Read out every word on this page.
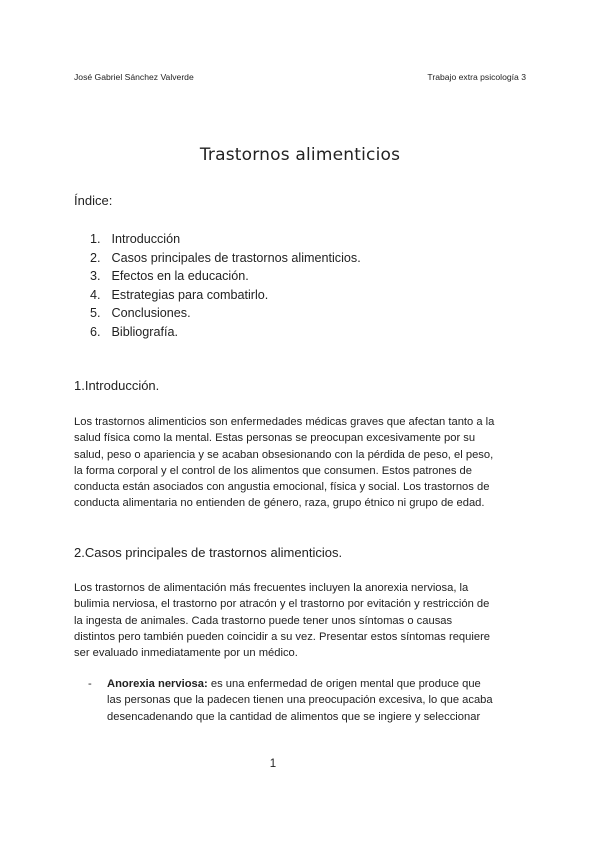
José Gabriel Sánchez Valverde	Trabajo extra psicología 3
Trastornos alimenticios
Índice:
1. Introducción
2. Casos principales de trastornos alimenticios.
3. Efectos en la educación.
4. Estrategias para combatirlo.
5. Conclusiones.
6. Bibliografía.
1.Introducción.

Los trastornos alimenticios son enfermedades médicas graves que afectan tanto a la
salud física como la mental. Estas personas se preocupan excesivamente por su
salud, peso o apariencia y se acaban obsesionando con la pérdida de peso, el peso,
la forma corporal y el control de los alimentos que consumen. Estos patrones de
conducta están asociados con angustia emocional, física y social. Los trastornos de
conducta alimentaria no entienden de género, raza, grupo étnico ni grupo de edad.

2.Casos principales de trastornos alimenticios.

Los trastornos de alimentación más frecuentes incluyen la anorexia nerviosa, la
bulimia nerviosa, el trastorno por atracón y el trastorno por evitación y restricción de
la ingesta de animales. Cada trastorno puede tener unos síntomas o causas
distintos pero también pueden coincidir a su vez. Presentar estos síntomas requiere
ser evaluado inmediatamente por un médico.

- Anorexia nerviosa: es una enfermedad de origen mental que produce que
las personas que la padecen tienen una preocupación excesiva, lo que acaba
desencadenando que la cantidad de alimentos que se ingiere y seleccionar
1
